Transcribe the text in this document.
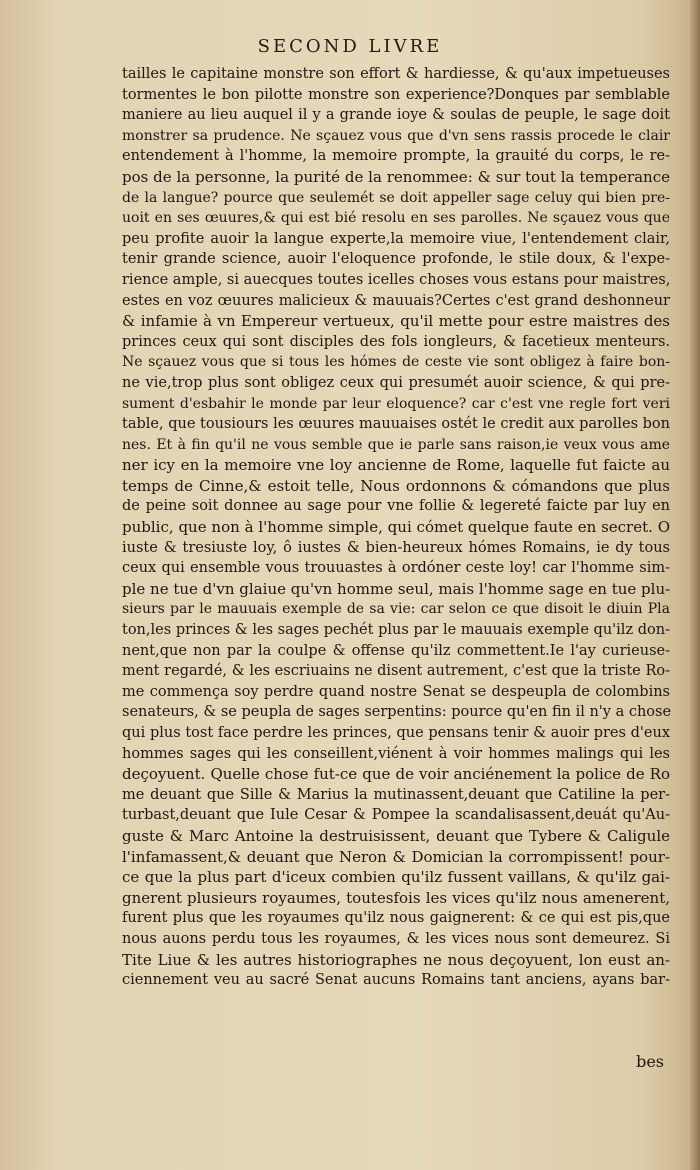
SECOND LIVRE
tailles le capitaine monstre son effort & hardiesse, & qu'aux impetueuses
tormentes le bon pilotte monstre son experience?Donques par semblable
maniere au lieu auquel il y a grande ioye & soulas de peuple, le sage doit
monstrer sa prudence. Ne sçauez vous que d'vn sens rassis procede le clair
entendement à l'homme, la memoire prompte, la grauité du corps, le re-
pos de la personne, la purité de la renommee: & sur tout la temperance
de la langue? pource que seulemét se doit appeller sage celuy qui bien pre-
uoit en ses œuures,& qui est bié resolu en ses parolles. Ne sçauez vous que
peu profite auoir la langue experte,la memoire viue, l'entendement clair,
tenir grande science, auoir l'eloquence profonde, le stile doux, & l'expe-
rience ample, si auecques toutes icelles choses vous estans pour maistres,
estes en voz œuures malicieux & mauuais?Certes c'est grand deshonneur
& infamie à vn Empereur vertueux, qu'il mette pour estre maistres des
princes ceux qui sont disciples des fols iongleurs, & facetieux menteurs.
Ne sçauez vous que si tous les hómes de ceste vie sont obligez à faire bon-
ne vie,trop plus sont obligez ceux qui presumét auoir science, & qui pre-
sument d'esbahir le monde par leur eloquence? car c'est vne regle fort veri
table, que tousiours les œuures mauuaises ostét le credit aux parolles bon
nes. Et à fin qu'il ne vous semble que ie parle sans raison,ie veux vous ame
ner icy en la memoire vne loy ancienne de Rome, laquelle fut faicte au
temps de Cinne,& estoit telle, Nous ordonnons & cómandons que plus
de peine soit donnee au sage pour vne follie & legereté faicte par luy en
public, que non à l'homme simple, qui cómet quelque faute en secret. O
iuste & tresiuste loy, ô iustes & bien-heureux hómes Romains, ie dy tous
ceux qui ensemble vous trouuastes à ordóner ceste loy! car l'homme sim-
ple ne tue d'vn glaiue qu'vn homme seul, mais l'homme sage en tue plu-
sieurs par le mauuais exemple de sa vie: car selon ce que disoit le diuin Pla
ton,les princes & les sages pechét plus par le mauuais exemple qu'ilz don-
nent,que non par la coulpe & offense qu'ilz commettent.Ie l'ay curieuse-
ment regardé, & les escriuains ne disent autrement, c'est que la triste Ro-
me commença soy perdre quand nostre Senat se despeupla de colombins
senateurs, & se peupla de sages serpentins: pource qu'en fin il n'y a chose
qui plus tost face perdre les princes, que pensans tenir & auoir pres d'eux
hommes sages qui les conseillent,viénent à voir hommes malings qui les
deçoyuent. Quelle chose fut-ce que de voir anciénement la police de Ro
me deuant que Sille & Marius la mutinassent,deuant que Catiline la per-
turbast,deuant que Iule Cesar & Pompee la scandalisassent,deuát qu'Au-
guste & Marc Antoine la destruisissent, deuant que Tybere & Caligule
l'infamassent,& deuant que Neron & Domician la corrompissent! pour-
ce que la plus part d'iceux combien qu'ilz fussent vaillans, & qu'ilz gai-
gnerent plusieurs royaumes, toutesfois les vices qu'ilz nous amenerent,
furent plus que les royaumes qu'ilz nous gaignerent: & ce qui est pis,que
nous auons perdu tous les royaumes, & les vices nous sont demeurez. Si
Tite Liue & les autres historiographes ne nous deçoyuent, lon eust an-
ciennement veu au sacré Senat aucuns Romains tant anciens, ayans bar-
bes
